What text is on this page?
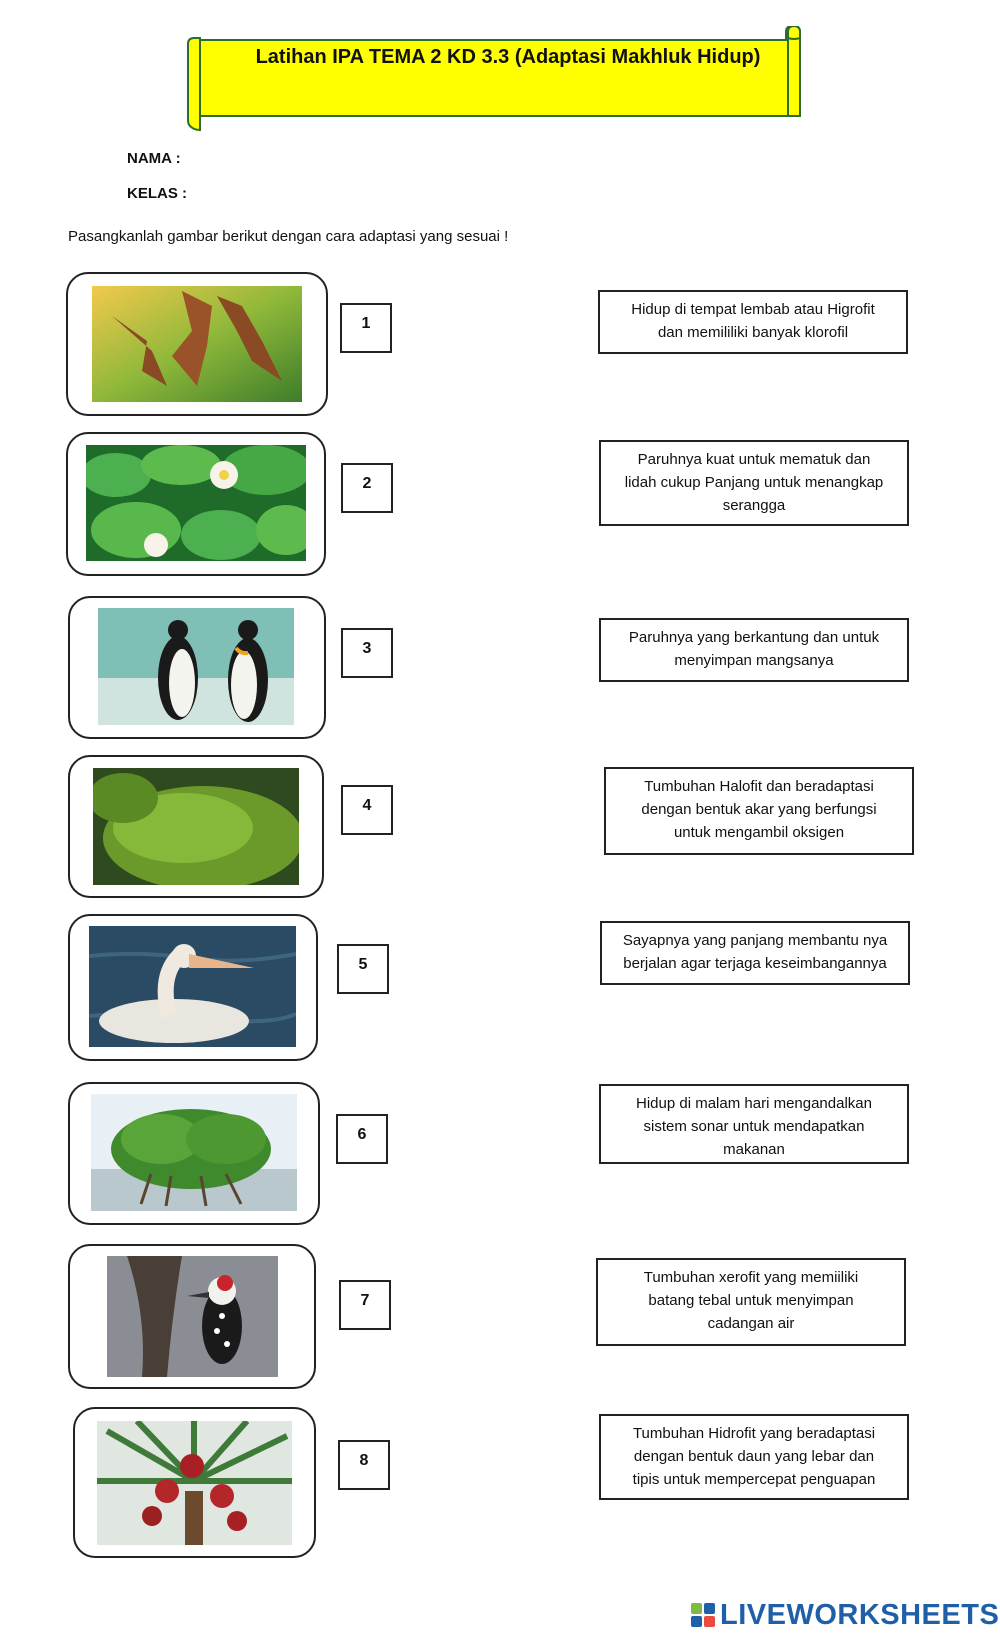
Latihan IPA TEMA 2 KD 3.3 (Adaptasi Makhluk Hidup)
NAMA :
KELAS :
Pasangkanlah gambar berikut dengan cara adaptasi yang sesuai !
1
2
3
4
5
6
7
8
Hidup di tempat lembab atau Higrofit
dan memililiki banyak klorofil
Paruhnya kuat untuk mematuk dan
lidah cukup Panjang untuk menangkap
serangga
Paruhnya yang berkantung dan untuk
menyimpan mangsanya
Tumbuhan Halofit dan beradaptasi
dengan bentuk akar yang berfungsi
untuk mengambil oksigen
Sayapnya yang panjang membantu nya
berjalan agar terjaga keseimbangannya
Hidup di malam hari mengandalkan
sistem sonar untuk mendapatkan
makanan
Tumbuhan xerofit yang memiiliki
batang tebal untuk menyimpan
cadangan air
Tumbuhan Hidrofit yang beradaptasi
dengan bentuk daun yang lebar dan
tipis untuk mempercepat penguapan
LIVEWORKSHEETS
